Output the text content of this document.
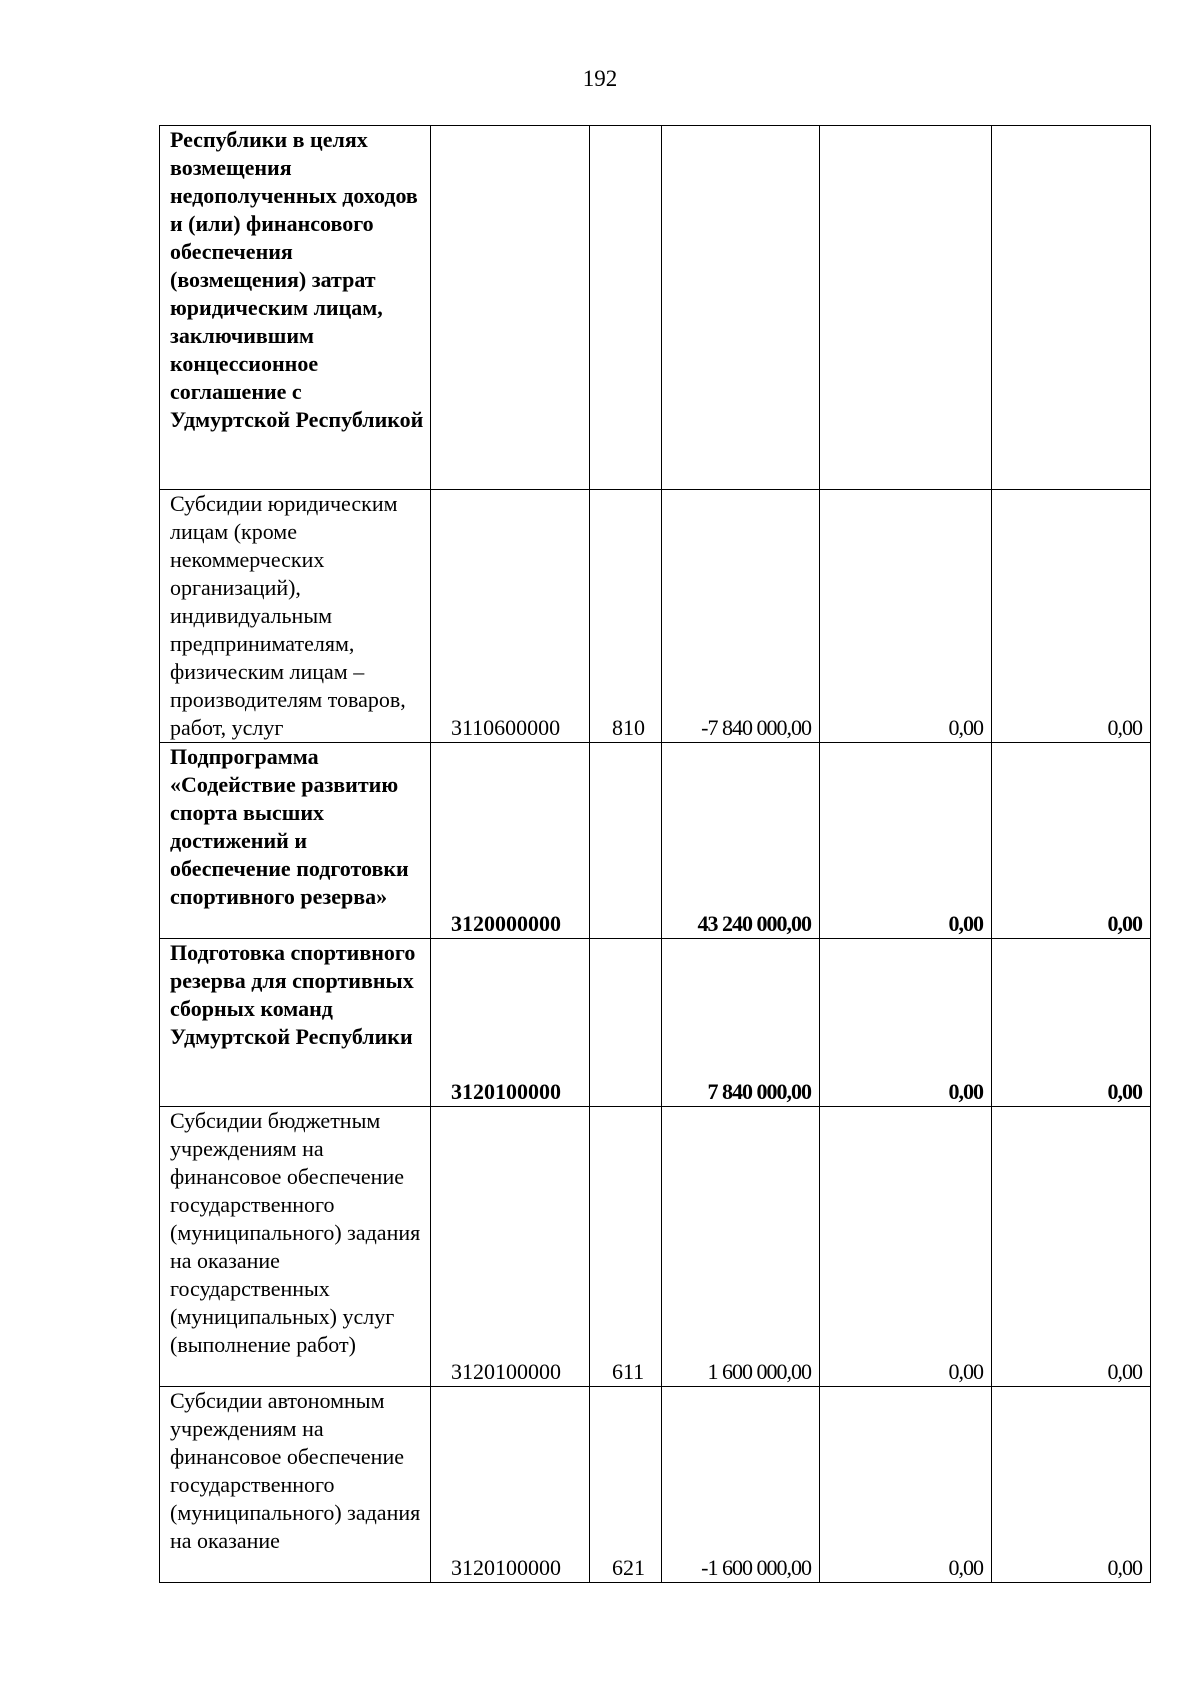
192
Республики в целях возмещения недополученных доходов и (или) финансового обеспечения (возмещения) затрат юридическим лицам, заключившим концессионное соглашение с Удмуртской Республикой					
Субсидии юридическим лицам (кроме некоммерческих организаций), индивидуальным предпринимателям, физическим лицам – производителям товаров, работ, услуг	3110600000	810	-7 840 000,00	0,00	0,00
Подпрограмма «Содействие развитию спорта высших достижений и обеспечение подготовки спортивного резерва»	3120000000		43 240 000,00	0,00	0,00
Подготовка спортивного резерва для спортивных сборных команд Удмуртской Республики	3120100000		7 840 000,00	0,00	0,00
Субсидии бюджетным учреждениям на финансовое обеспечение государственного (муниципального) задания на оказание государственных (муниципальных) услуг (выполнение работ)	3120100000	611	1 600 000,00	0,00	0,00
Субсидии автономным учреждениям на финансовое обеспечение государственного (муниципального) задания на оказание	3120100000	621	-1 600 000,00	0,00	0,00
